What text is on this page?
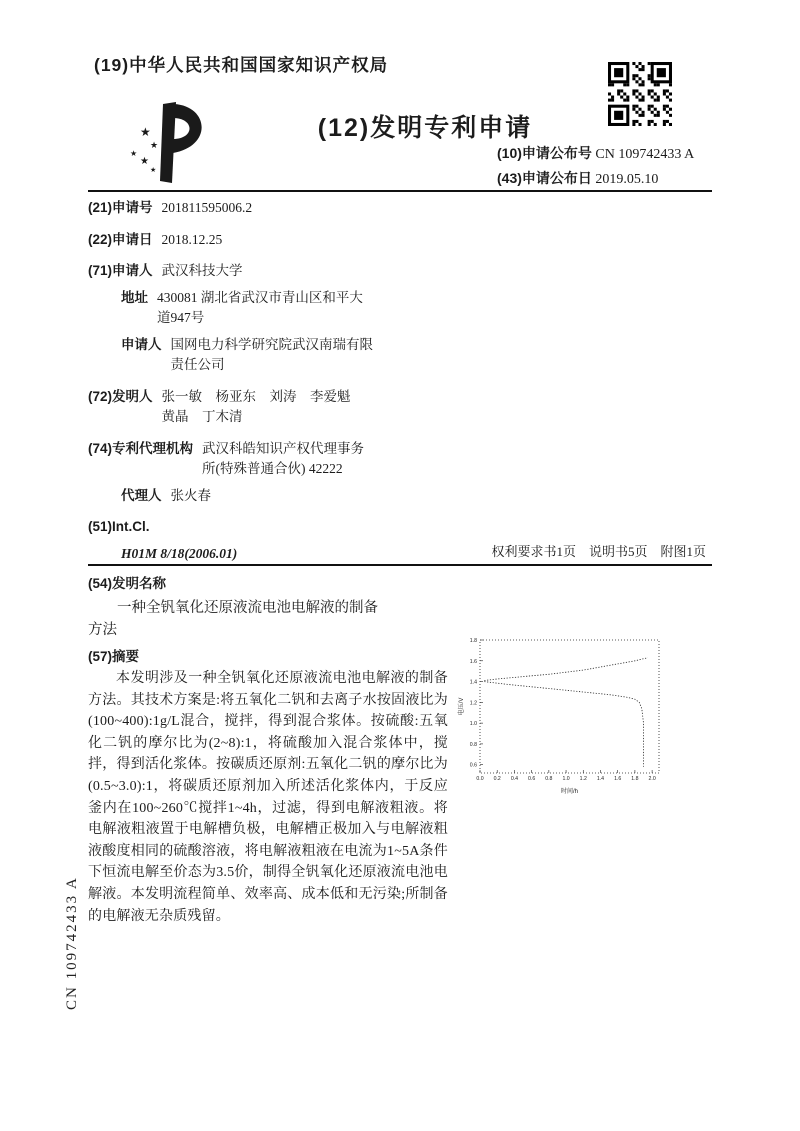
(19)中华人民共和国国家知识产权局
★
★
★
★
★
(12)发明专利申请
(10)申请公布号 CN 109742433 A
(43)申请公布日 2019.05.10
(21)申请号 201811595006.2
(22)申请日 2018.12.25
(71)申请人 武汉科技大学
地址 430081 湖北省武汉市青山区和平大
道947号
申请人 国网电力科学研究院武汉南瑞有限
责任公司
(72)发明人 张一敏　杨亚东　刘涛　李爱魁
黄晶　丁木清
(74)专利代理机构 武汉科皓知识产权代理事务
所(特殊普通合伙) 42222
代理人 张火春
(51)Int.Cl.
H01M 8/18(2006.01)	权利要求书1页　说明书5页　附图1页
(54)发明名称
一种全钒氧化还原液流电池电解液的制备
方法
(57)摘要
本发明涉及一种全钒氧化还原液流电池电解液的制备方法。其技术方案是:将五氧化二钒和去离子水按固液比为(100~400):1g/L混合，搅拌，得到混合浆体。按硫酸:五氧化二钒的摩尔比为(2~8):1，将硫酸加入混合浆体中，搅拌，得到活化浆体。按碳质还原剂:五氧化二钒的摩尔比为(0.5~3.0):1，将碳质还原剂加入所述活化浆体内，于反应釜内在100~260℃搅拌1~4h，过滤，得到电解液粗液。将电解液粗液置于电解槽负极，电解槽正极加入与电解液粗液酸度相同的硫酸溶液，将电解液粗液在电流为1~5A条件下恒流电解至价态为3.5价，制得全钒氧化还原液流电池电解液。本发明流程简单、效率高、成本低和无污染;所制备的电解液无杂质残留。
0.0 0.2 0.4 0.6 0.8 1.0 1.2 1.4 1.6 1.8 2.0
0.6
0.8
1.0
1.2
1.4
1.6
1.8
时间/h
电压/V
CN 109742433 A
